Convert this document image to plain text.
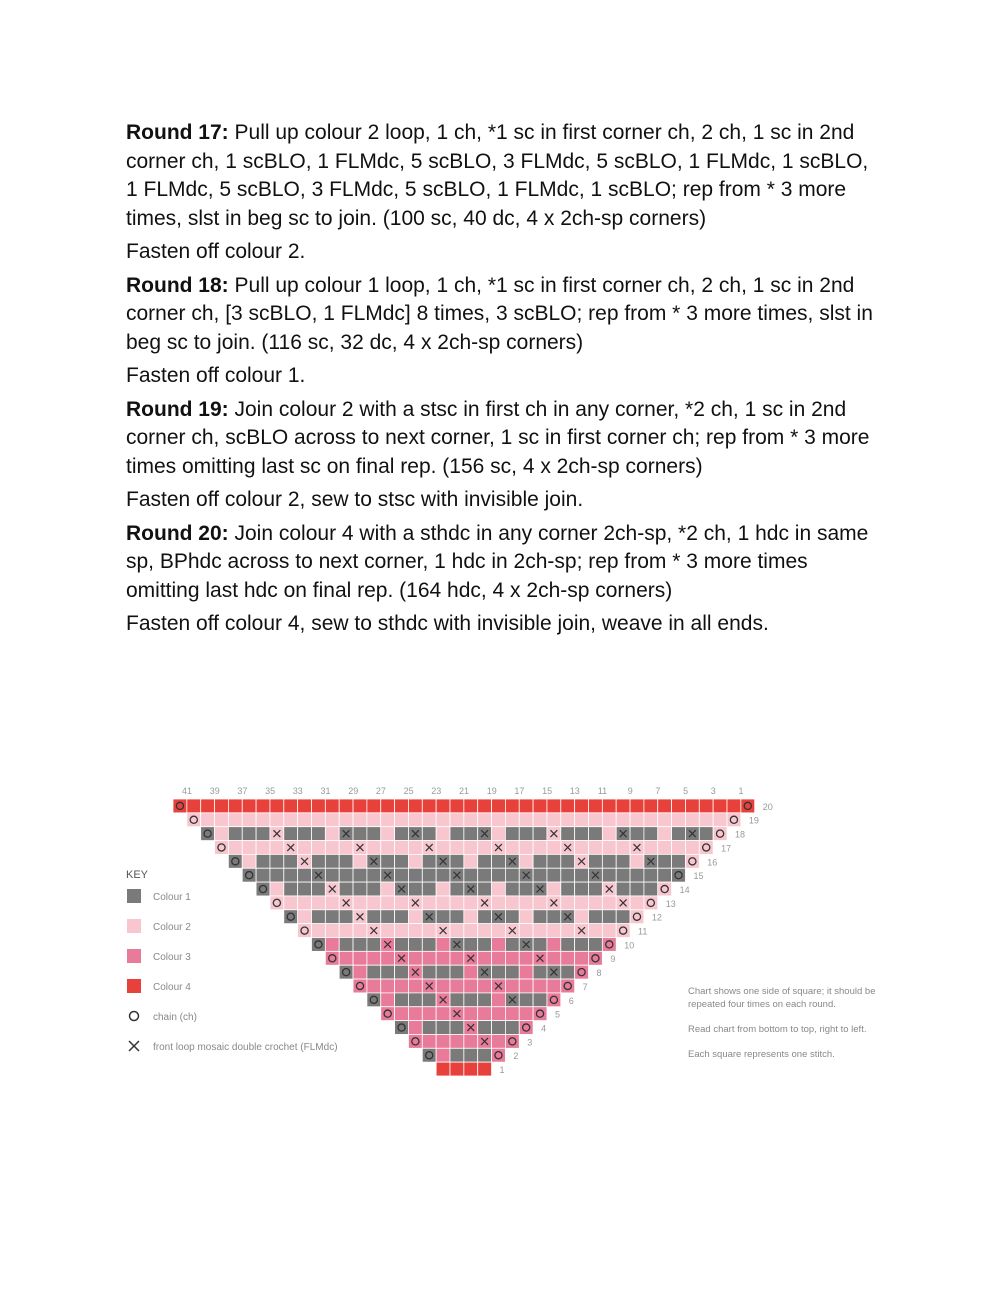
Round 17: Pull up colour 2 loop, 1 ch, *1 sc in first corner ch, 2 ch, 1 sc in 2nd corner ch, 1 scBLO, 1 FLMdc, 5 scBLO, 3 FLMdc, 5 scBLO, 1 FLMdc, 1 scBLO, 1 FLMdc, 5 scBLO, 3 FLMdc, 5 scBLO, 1 FLMdc, 1 scBLO; rep from * 3 more times, slst in beg sc to join. (100 sc, 40 dc, 4 x 2ch-sp corners)

Fasten off colour 2.

Round 18: Pull up colour 1 loop, 1 ch, *1 sc in first corner ch, 2 ch, 1 sc in 2nd corner ch, [3 scBLO, 1 FLMdc] 8 times, 3 scBLO; rep from * 3 more times, slst in beg sc to join. (116 sc, 32 dc, 4 x 2ch-sp corners)

Fasten off colour 1.

Round 19: Join colour 2 with a stsc in first ch in any corner, *2 ch, 1 sc in 2nd corner ch, scBLO across to next corner, 1 sc in first corner ch; rep from * 3 more times omitting last sc on final rep. (156 sc, 4 x 2ch-sp corners)

Fasten off colour 2, sew to stsc with invisible join.

Round 20: Join colour 4 with a sthdc in any corner 2ch-sp, *2 ch, 1 hdc in same sp, BPhdc across to next corner, 1 hdc in 2ch-sp; rep from * 3 more times omitting last hdc on final rep. (164 hdc, 4 x 2ch-sp corners)

Fasten off colour 4, sew to sthdc with invisible join, weave in all ends.

41 39 37 35 33 31 29 27 25 23 21 19 17 15 13 11 9	7	5	3	1
20
19
18
17
16
15
14
13
12
11
10
9
8
7
6
5
4
3
2
1
KEY
Colour 1
Colour 2
Colour 3
Colour 4
chain (ch)
front loop mosaic double crochet (FLMdc)

Chart shows one side of square; it should be repeated four times on each round.

Read chart from bottom to top, right to left.

Each square represents one stitch.
